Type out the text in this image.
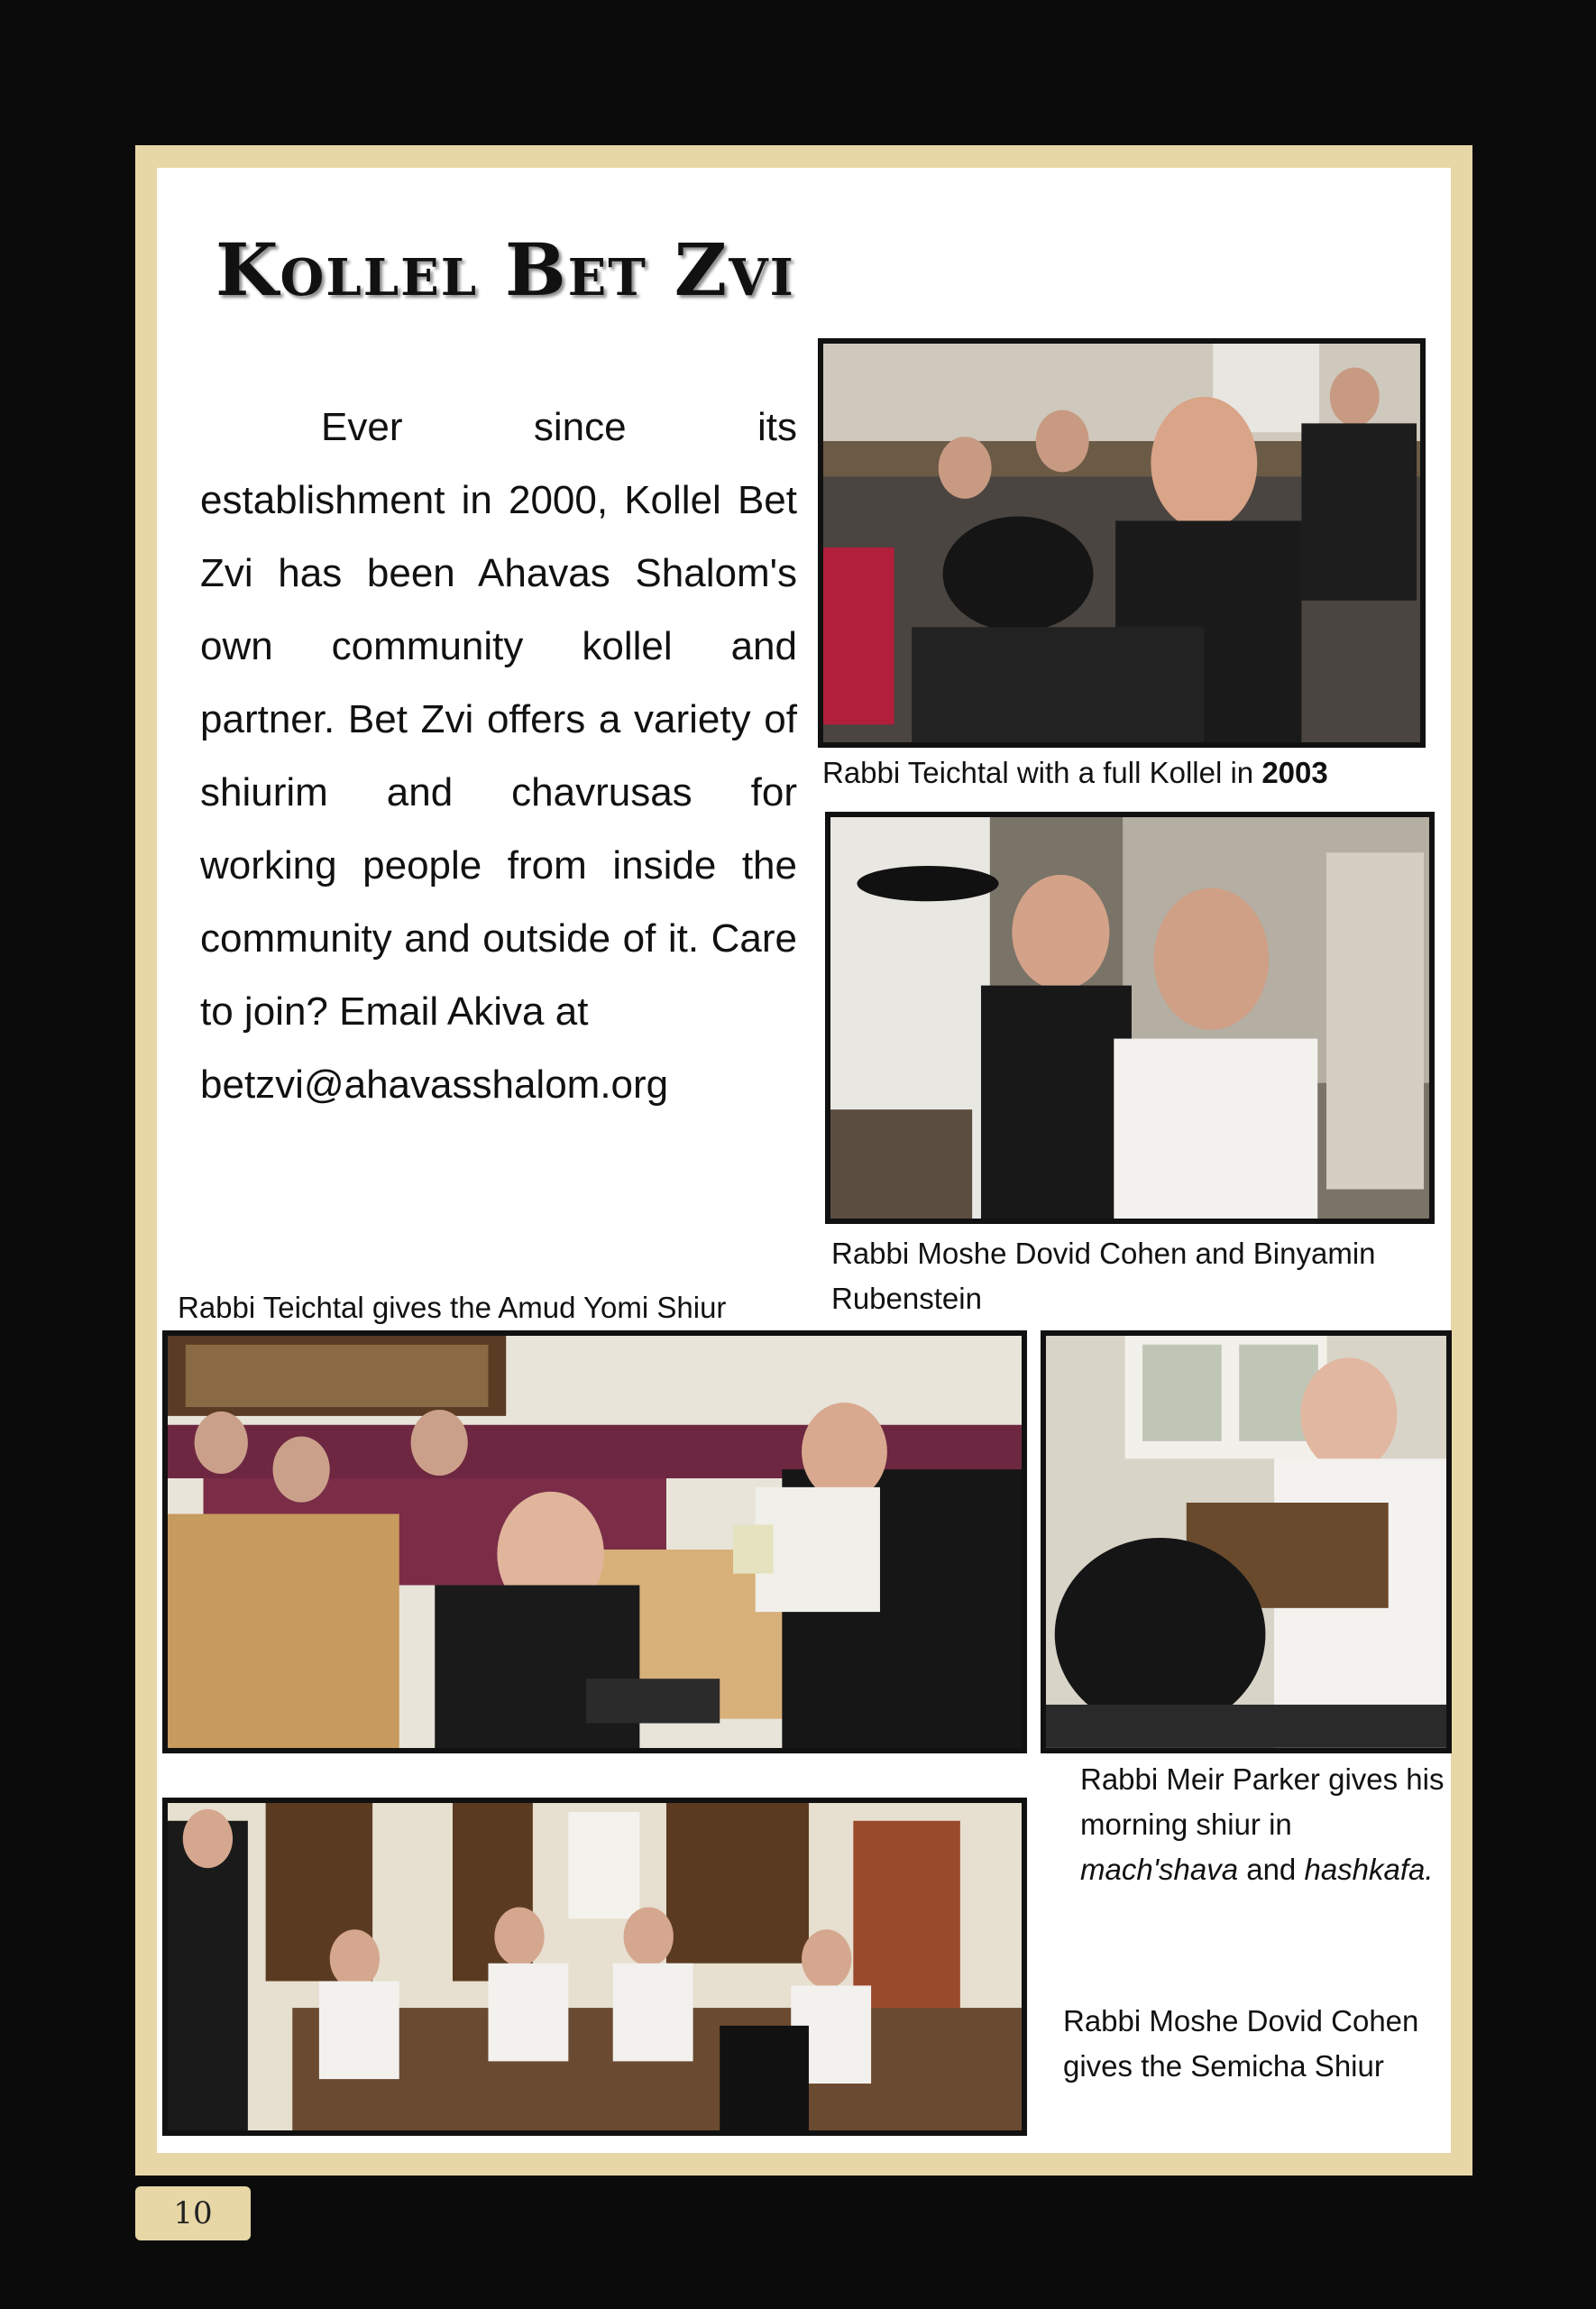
Kollel Bet Zvi

Ever since its establishment in 2000, Kollel Bet Zvi has been Ahavas Shalom's own community kollel and partner. Bet Zvi offers a variety of shiurim and chavrusas for working people from inside the community and outside of it. Care to join? Email Akiva at
betzvi@ahavasshalom.org

Rabbi Teichtal with a full Kollel in 2003

Rabbi Moshe Dovid Cohen and Binyamin Rubenstein

Rabbi Teichtal gives the Amud Yomi Shiur

Rabbi Meir Parker gives his morning shiur in mach'shava and hashkafa.

Rabbi Moshe Dovid Cohen gives the Semicha Shiur

10
